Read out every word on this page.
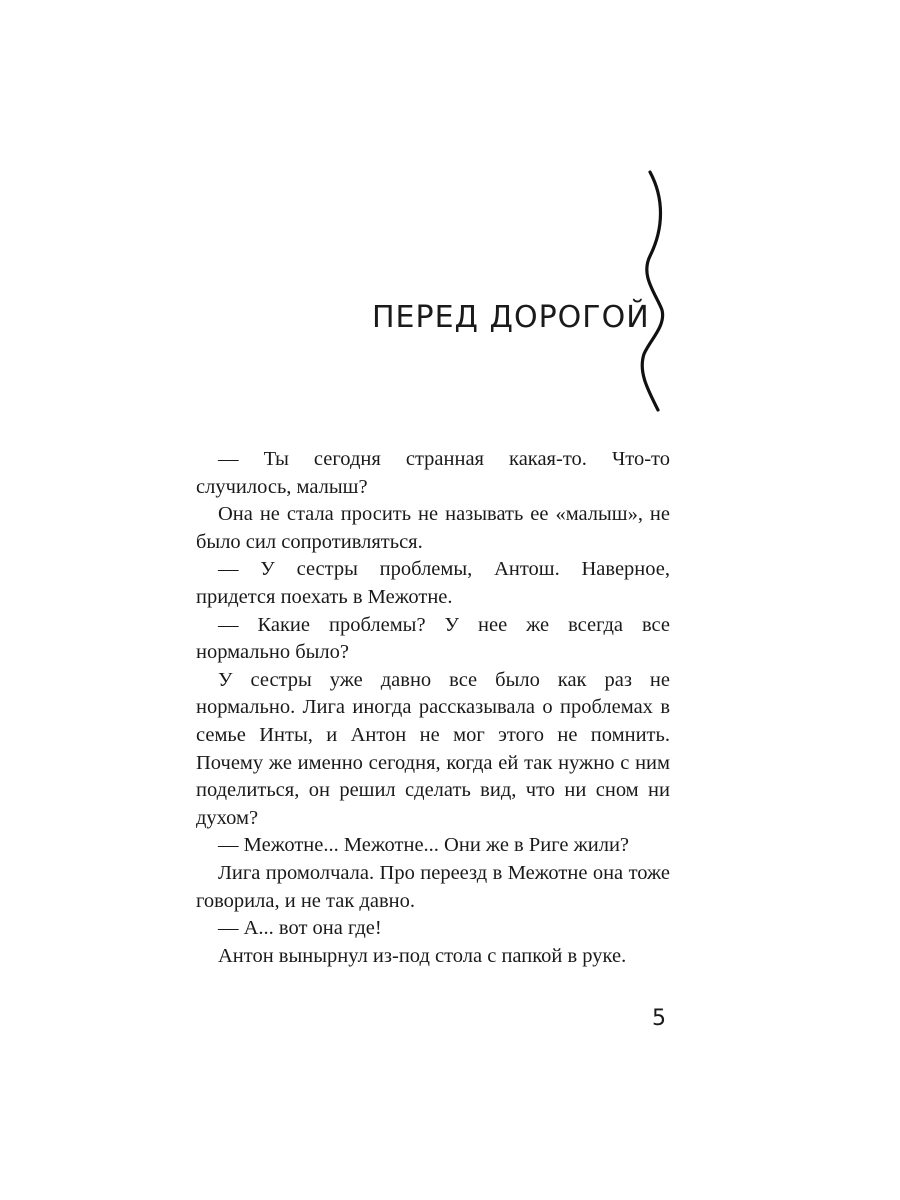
ПЕРЕД ДОРОГОЙ

— Ты сегодня странная какая-то. Что-то случилось, малыш?

Она не стала просить не называть ее «малыш», не было сил сопротивляться.

— У сестры проблемы, Антош. Наверное, придется поехать в Межотне.

— Какие проблемы? У нее же всегда все нормально было?

У сестры уже давно все было как раз не нормально. Лига иногда рассказывала о проблемах в семье Инты, и Антон не мог этого не помнить. Почему же именно сегодня, когда ей так нужно с ним поделиться, он решил сделать вид, что ни сном ни духом?

— Межотне... Межотне... Они же в Риге жили?

Лига промолчала. Про переезд в Межотне она тоже говорила, и не так давно.

— А... вот она где!

Антон вынырнул из-под стола с папкой в руке.

5
